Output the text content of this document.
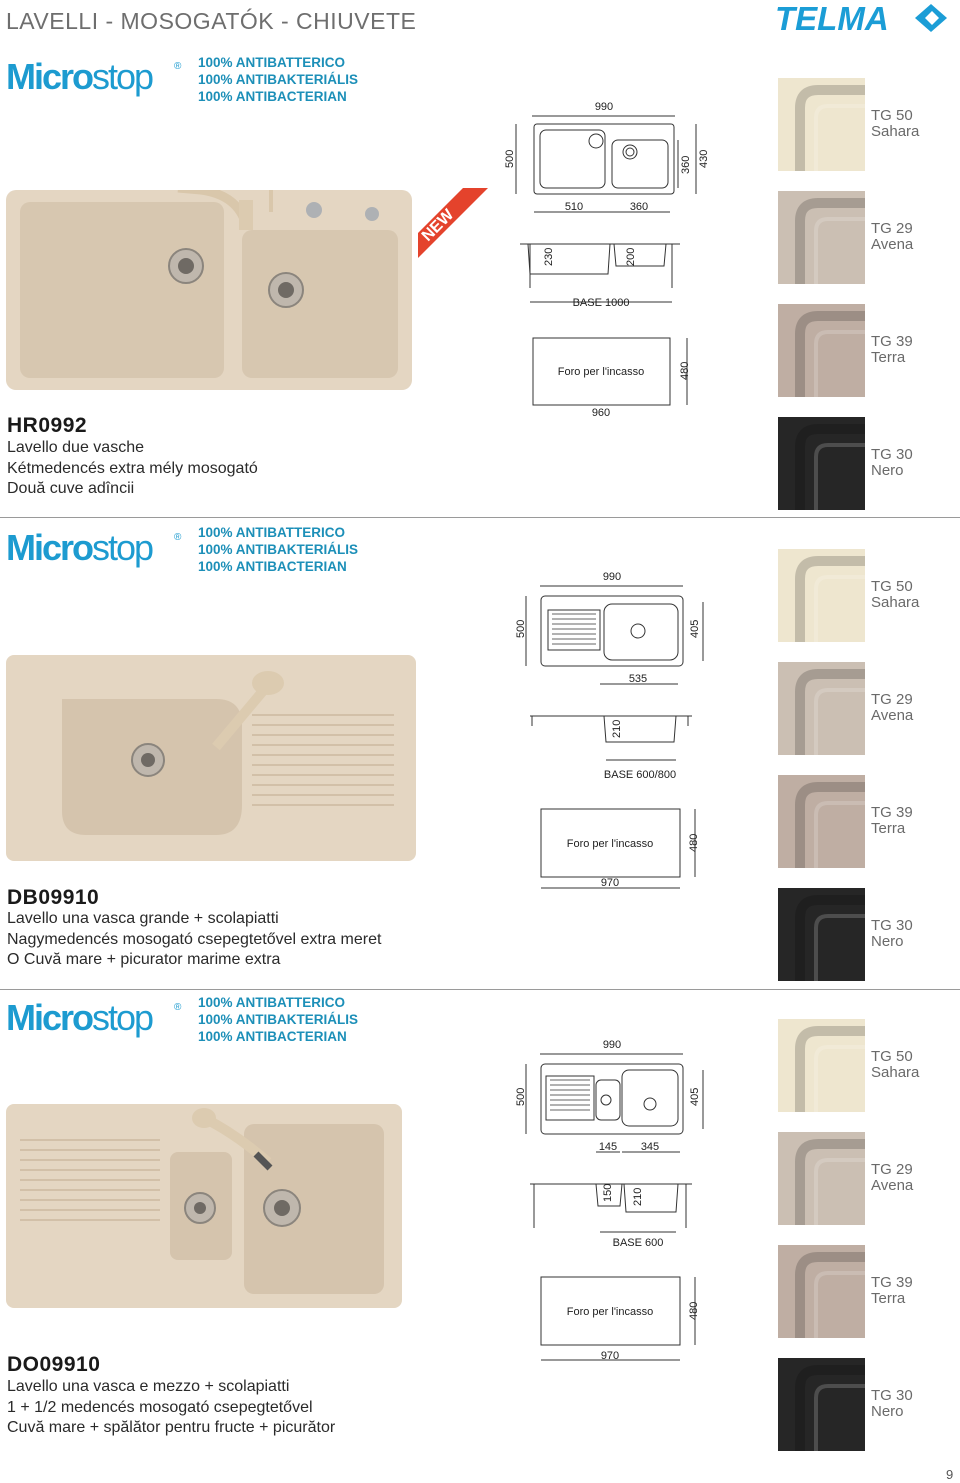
LAVELLI - MOSOGATÓK - CHIUVETE	TELMA
Microstop ® 100% ANTIBATTERICO
100% ANTIBAKTERIÁLIS
100% ANTIBACTERIAN
NEW
HR0992
Lavello due vasche
Kétmedencés extra mély mosogató
Două cuve adîncii
990
500	360 430
510	360
230	200
BASE 1000
Foro per l'incasso	480
960
Microstop ® 100% ANTIBATTERICO
100% ANTIBAKTERIÁLIS
100% ANTIBACTERIAN
DB09910
Lavello una vasca grande + scolapiatti
Nagymedencés mosogató csepegtetővel extra meret
O Cuvă mare + picurator marime extra
990
500	405
535
210
BASE 600/800
Foro per l'incasso	480
970
Microstop ® 100% ANTIBATTERICO
100% ANTIBAKTERIÁLIS
100% ANTIBACTERIAN
DO09910
Lavello una vasca e mezzo + scolapiatti
1 + 1/2 medencés mosogató csepegtetővel
Cuvă mare + spălător pentru fructe + picurător
990
500	405
145 345
150 210
BASE 600
Foro per l'incasso	480
970
TG 50
Sahara
TG 29
Avena
TG 39
Terra
TG 30
Nero
TG 50
Sahara
TG 29
Avena
TG 39
Terra
TG 30
Nero
TG 50
Sahara
TG 29
Avena
TG 39
Terra
TG 30
Nero
9
